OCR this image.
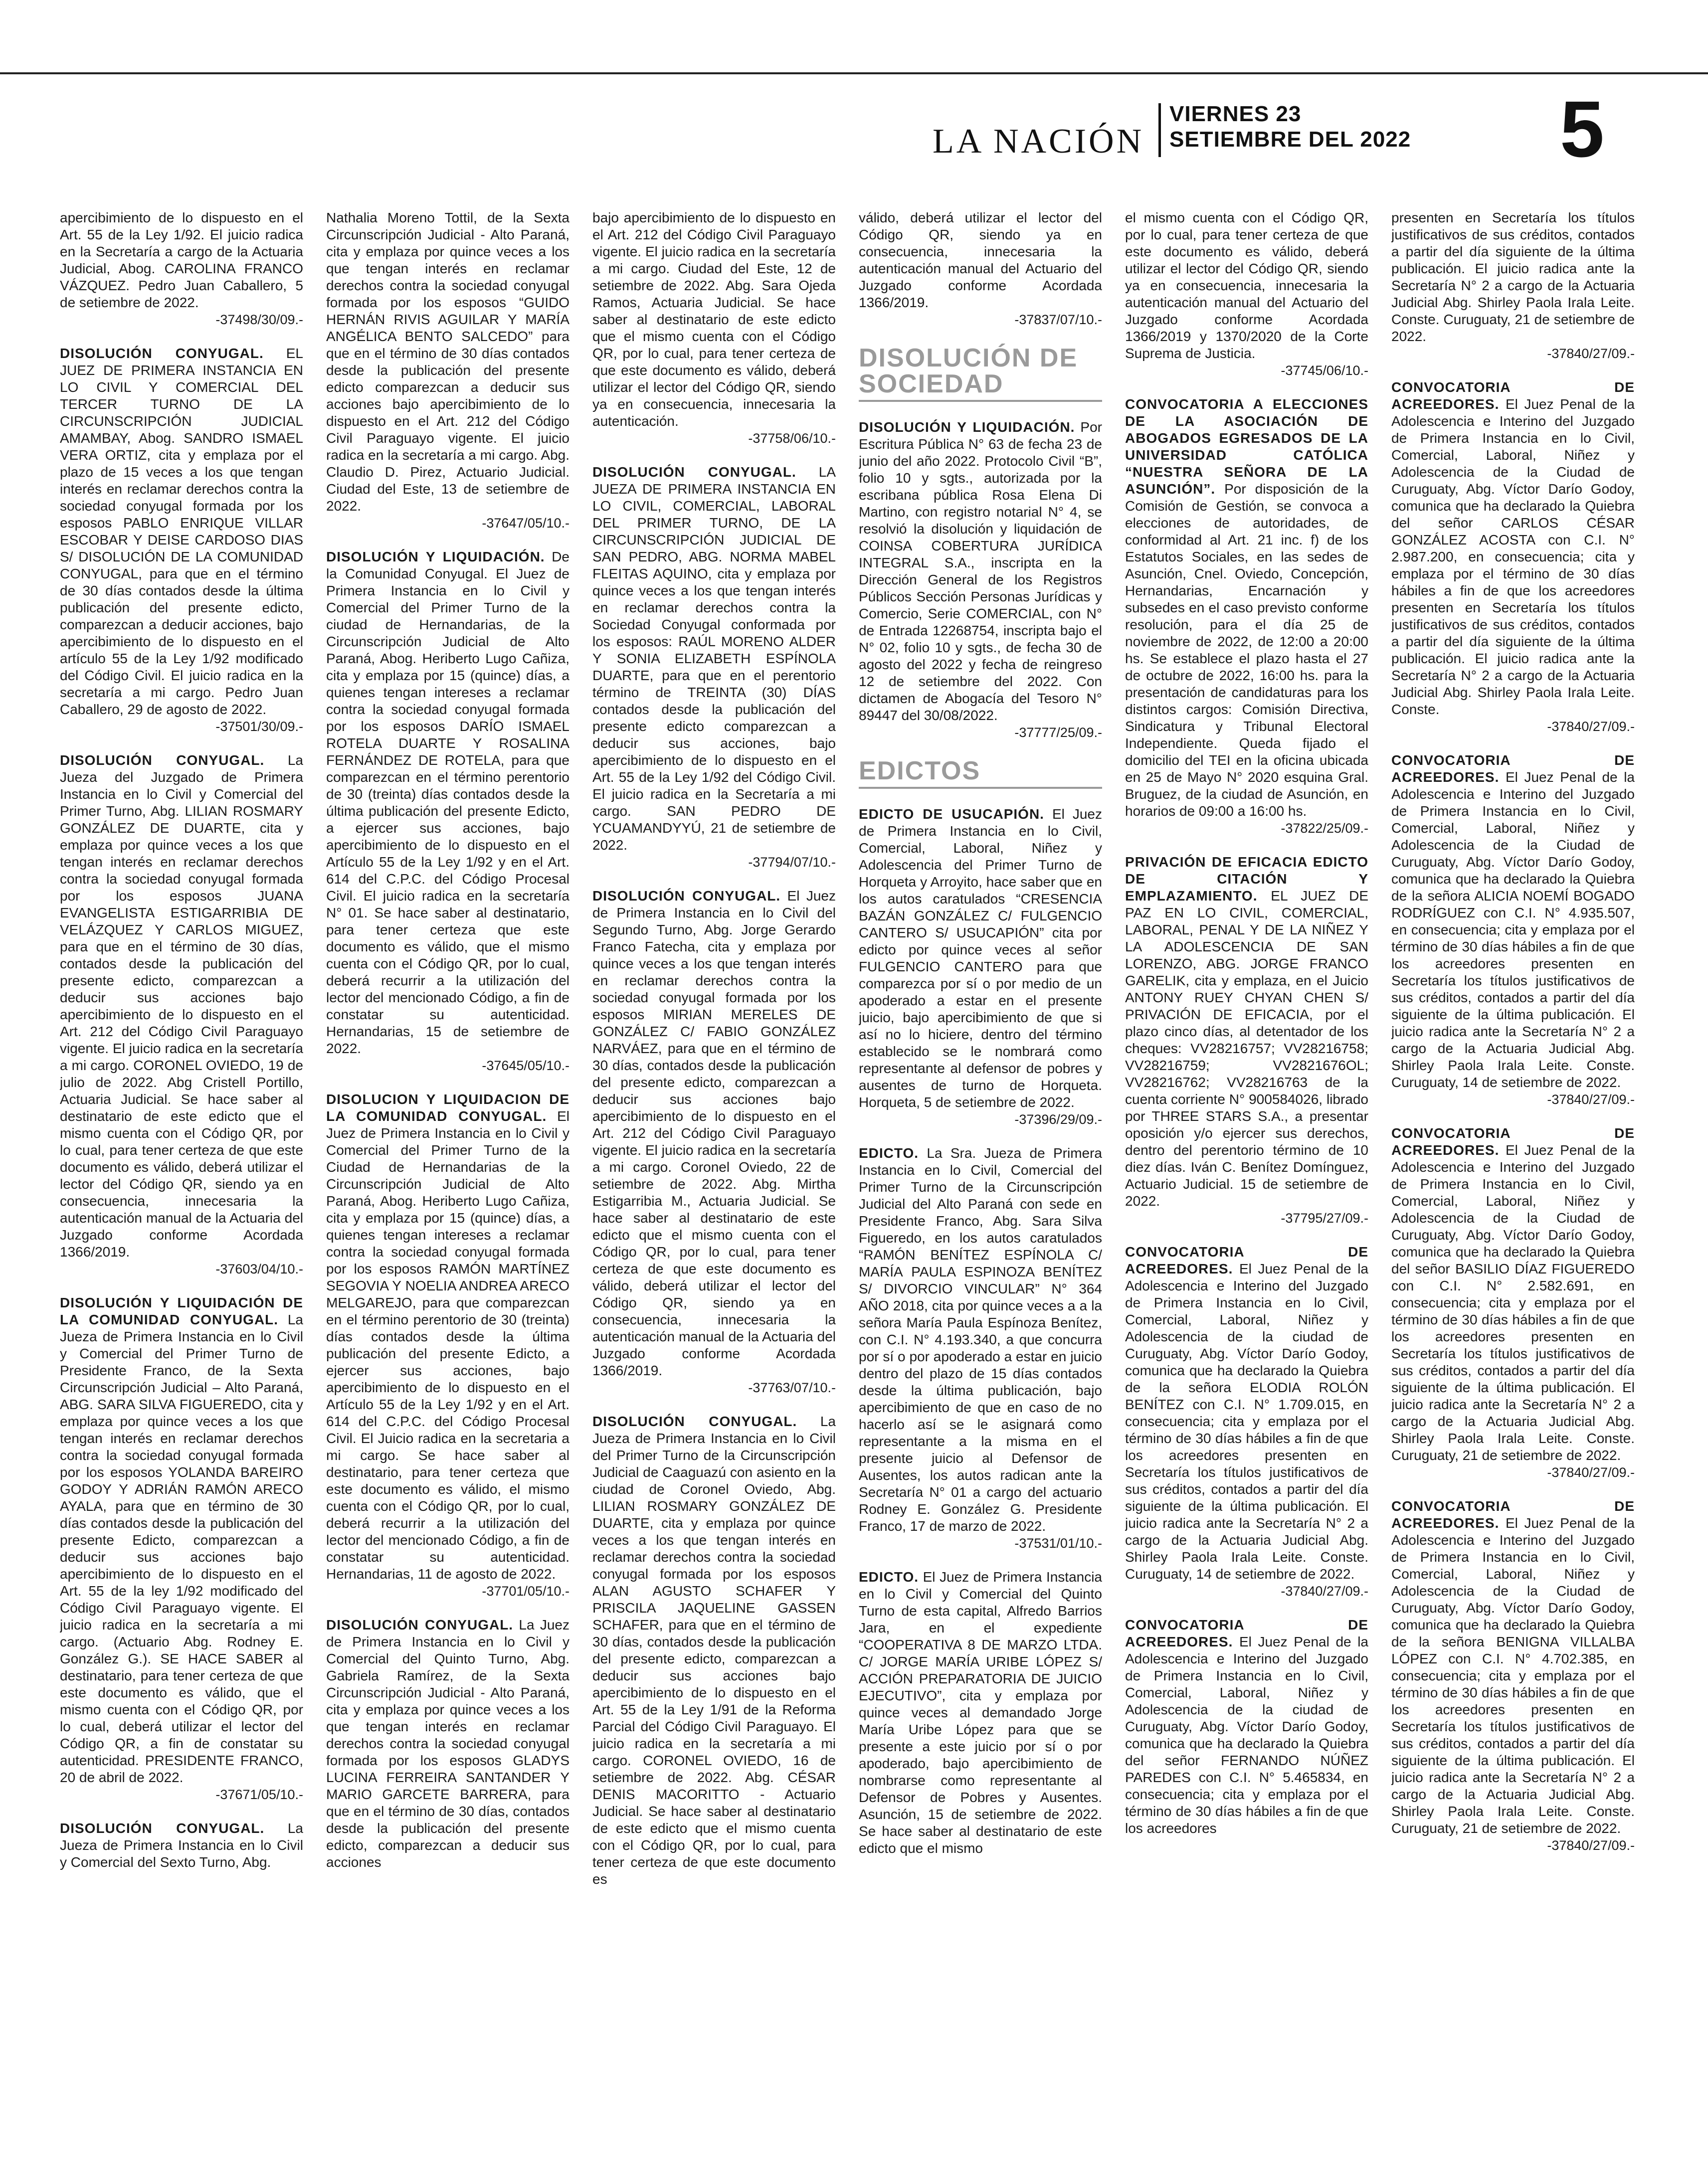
LA NACIÓN
VIERNES 23
SETIEMBRE DEL 2022 5
apercibimiento de lo dispuesto en el Art. 55 de la Ley 1/92. El juicio radica en la Secretaría a cargo de la Actuaria Judicial, Abog. CAROLINA FRANCO VÁZQUEZ. Pedro Juan Caballero, 5 de setiembre de 2022.
-37498/30/09.-
DISOLUCIÓN CONYUGAL. EL JUEZ DE PRIMERA INSTANCIA EN LO CIVIL Y COMERCIAL DEL TERCER TURNO DE LA CIRCUNSCRIPCIÓN JUDICIAL AMAMBAY, Abog. SANDRO ISMAEL VERA ORTIZ, cita y emplaza por el plazo de 15 veces a los que tengan interés en reclamar derechos contra la sociedad conyugal formada por los esposos PABLO ENRIQUE VILLAR ESCOBAR Y DEISE CARDOSO DIAS S/ DISOLUCIÓN DE LA COMUNIDAD CONYUGAL, para que en el término de 30 días contados desde la última publicación del presente edicto, comparezcan a deducir acciones, bajo apercibimiento de lo dispuesto en el artículo 55 de la Ley 1/92 modificado del Código Civil. El juicio radica en la secretaría a mi cargo. Pedro Juan Caballero, 29 de agosto de 2022.
-37501/30/09.-
DISOLUCIÓN CONYUGAL. La Jueza del Juzgado de Primera Instancia en lo Civil y Comercial del Primer Turno, Abg. LILIAN ROSMARY GONZÁLEZ DE DUARTE, cita y emplaza por quince veces a los que tengan interés en reclamar derechos contra la sociedad conyugal formada por los esposos JUANA EVANGELISTA ESTIGARRIBIA DE VELÁZQUEZ Y CARLOS MIGUEZ, para que en el término de 30 días, contados desde la publicación del presente edicto, comparezcan a deducir sus acciones bajo apercibimiento de lo dispuesto en el Art. 212 del Código Civil Paraguayo vigente. El juicio radica en la secretaría a mi cargo. CORONEL OVIEDO, 19 de julio de 2022. Abg Cristell Portillo, Actuaria Judicial. Se hace saber al destinatario de este edicto que el mismo cuenta con el Código QR, por lo cual, para tener certeza de que este documento es válido, deberá utilizar el lector del Código QR, siendo ya en consecuencia, innecesaria la autenticación manual de la Actuaria del Juzgado conforme Acordada 1366/2019.
-37603/04/10.-
DISOLUCIÓN Y LIQUIDACIÓN DE LA COMUNIDAD CONYUGAL. La Jueza de Primera Instancia en lo Civil y Comercial del Primer Turno de Presidente Franco, de la Sexta Circunscripción Judicial – Alto Paraná, ABG. SARA SILVA FIGUEREDO, cita y emplaza por quince veces a los que tengan interés en reclamar derechos contra la sociedad conyugal formada por los esposos YOLANDA BAREIRO GODOY Y ADRIÁN RAMÓN ARECO AYALA, para que en término de 30 días contados desde la publicación del presente Edicto, comparezcan a deducir sus acciones bajo apercibimiento de lo dispuesto en el Art. 55 de la ley 1/92 modificado del Código Civil Paraguayo vigente. El juicio radica en la secretaría a mi cargo. (Actuario Abg. Rodney E. González G.). SE HACE SABER al destinatario, para tener certeza de que este documento es válido, que el mismo cuenta con el Código QR, por lo cual, deberá utilizar el lector del Código QR, a fin de constatar su autenticidad. PRESIDENTE FRANCO, 20 de abril de 2022.
-37671/05/10.-
DISOLUCIÓN CONYUGAL. La Jueza de Primera Instancia en lo Civil y Comercial del Sexto Turno, Abg.
Nathalia Moreno Tottil, de la Sexta Circunscripción Judicial - Alto Paraná, cita y emplaza por quince veces a los que tengan interés en reclamar derechos contra la sociedad conyugal formada por los esposos “GUIDO HERNÁN RIVIS AGUILAR Y MARÍA ANGÉLICA BENTO SALCEDO” para que en el término de 30 días contados desde la publicación del presente edicto comparezcan a deducir sus acciones bajo apercibimiento de lo dispuesto en el Art. 212 del Código Civil Paraguayo vigente. El juicio radica en la secretaría a mi cargo. Abg. Claudio D. Pirez, Actuario Judicial. Ciudad del Este, 13 de setiembre de 2022.
-37647/05/10.-
DISOLUCIÓN Y LIQUIDACIÓN. De la Comunidad Conyugal. El Juez de Primera Instancia en lo Civil y Comercial del Primer Turno de la ciudad de Hernandarias, de la Circunscripción Judicial de Alto Paraná, Abog. Heriberto Lugo Cañiza, cita y emplaza por 15 (quince) días, a quienes tengan intereses a reclamar contra la sociedad conyugal formada por los esposos DARÍO ISMAEL ROTELA DUARTE Y ROSALINA FERNÁNDEZ DE ROTELA, para que comparezcan en el término perentorio de 30 (treinta) días contados desde la última publicación del presente Edicto, a ejercer sus acciones, bajo apercibimiento de lo dispuesto en el Artículo 55 de la Ley 1/92 y en el Art. 614 del C.P.C. del Código Procesal Civil. El juicio radica en la secretaría N° 01. Se hace saber al destinatario, para tener certeza que este documento es válido, que el mismo cuenta con el Código QR, por lo cual, deberá recurrir a la utilización del lector del mencionado Código, a fin de constatar su autenticidad. Hernandarias, 15 de setiembre de 2022.
-37645/05/10.-
DISOLUCION Y LIQUIDACION DE LA COMUNIDAD CONYUGAL. El Juez de Primera Instancia en lo Civil y Comercial del Primer Turno de la Ciudad de Hernandarias de la Circunscripción Judicial de Alto Paraná, Abog. Heriberto Lugo Cañiza, cita y emplaza por 15 (quince) días, a quienes tengan intereses a reclamar contra la sociedad conyugal formada por los esposos RAMÓN MARTÍNEZ SEGOVIA Y NOELIA ANDREA ARECO MELGAREJO, para que comparezcan en el término perentorio de 30 (treinta) días contados desde la última publicación del presente Edicto, a ejercer sus acciones, bajo apercibimiento de lo dispuesto en el Artículo 55 de la Ley 1/92 y en el Art. 614 del C.P.C. del Código Procesal Civil. El Juicio radica en la secretaria a mi cargo. Se hace saber al destinatario, para tener certeza que este documento es válido, el mismo cuenta con el Código QR, por lo cual, deberá recurrir a la utilización del lector del mencionado Código, a fin de constatar su autenticidad. Hernandarias, 11 de agosto de 2022.
-37701/05/10.-
DISOLUCIÓN CONYUGAL. La Juez de Primera Instancia en lo Civil y Comercial del Quinto Turno, Abg. Gabriela Ramírez, de la Sexta Circunscripción Judicial - Alto Paraná, cita y emplaza por quince veces a los que tengan interés en reclamar derechos contra la sociedad conyugal formada por los esposos GLADYS LUCINA FERREIRA SANTANDER Y MARIO GARCETE BARRERA, para que en el término de 30 días, contados desde la publicación del presente edicto, comparezcan a deducir sus acciones
bajo apercibimiento de lo dispuesto en el Art. 212 del Código Civil Paraguayo vigente. El juicio radica en la secretaría a mi cargo. Ciudad del Este, 12 de setiembre de 2022. Abg. Sara Ojeda Ramos, Actuaria Judicial. Se hace saber al destinatario de este edicto que el mismo cuenta con el Código QR, por lo cual, para tener certeza de que este documento es válido, deberá utilizar el lector del Código QR, siendo ya en consecuencia, innecesaria la autenticación.
-37758/06/10.-
DISOLUCIÓN CONYUGAL. LA JUEZA DE PRIMERA INSTANCIA EN LO CIVIL, COMERCIAL, LABORAL DEL PRIMER TURNO, DE LA CIRCUNSCRIPCIÓN JUDICIAL DE SAN PEDRO, ABG. NORMA MABEL FLEITAS AQUINO, cita y emplaza por quince veces a los que tengan interés en reclamar derechos contra la Sociedad Conyugal conformada por los esposos: RAÚL MORENO ALDER Y SONIA ELIZABETH ESPÍNOLA DUARTE, para que en el perentorio término de TREINTA (30) DÍAS contados desde la publicación del presente edicto comparezcan a deducir sus acciones, bajo apercibimiento de lo dispuesto en el Art. 55 de la Ley 1/92 del Código Civil. El juicio radica en la Secretaría a mi cargo. SAN PEDRO DE YCUAMANDYYÚ, 21 de setiembre de 2022.
-37794/07/10.-
DISOLUCIÓN CONYUGAL. El Juez de Primera Instancia en lo Civil del Segundo Turno, Abg. Jorge Gerardo Franco Fatecha, cita y emplaza por quince veces a los que tengan interés en reclamar derechos contra la sociedad conyugal formada por los esposos MIRIAN MERELES DE GONZÁLEZ C/ FABIO GONZÁLEZ NARVÁEZ, para que en el término de 30 días, contados desde la publicación del presente edicto, comparezcan a deducir sus acciones bajo apercibimiento de lo dispuesto en el Art. 212 del Código Civil Paraguayo vigente. El juicio radica en la secretaría a mi cargo. Coronel Oviedo, 22 de setiembre de 2022. Abg. Mirtha Estigarribia M., Actuaria Judicial. Se hace saber al destinatario de este edicto que el mismo cuenta con el Código QR, por lo cual, para tener certeza de que este documento es válido, deberá utilizar el lector del Código QR, siendo ya en consecuencia, innecesaria la autenticación manual de la Actuaria del Juzgado conforme Acordada 1366/2019.
-37763/07/10.-
DISOLUCIÓN CONYUGAL. La Jueza de Primera Instancia en lo Civil del Primer Turno de la Circunscripción Judicial de Caaguazú con asiento en la ciudad de Coronel Oviedo, Abg. LILIAN ROSMARY GONZÁLEZ DE DUARTE, cita y emplaza por quince veces a los que tengan interés en reclamar derechos contra la sociedad conyugal formada por los esposos ALAN AGUSTO SCHAFER Y PRISCILA JAQUELINE GASSEN SCHAFER, para que en el término de 30 días, contados desde la publicación del presente edicto, comparezcan a deducir sus acciones bajo apercibimiento de lo dispuesto en el Art. 55 de la Ley 1/91 de la Reforma Parcial del Código Civil Paraguayo. El juicio radica en la secretaría a mi cargo. CORONEL OVIEDO, 16 de setiembre de 2022. Abg. CÉSAR DENIS MACORITTO - Actuario Judicial. Se hace saber al destinatario de este edicto que el mismo cuenta con el Código QR, por lo cual, para tener certeza de que este documento es
válido, deberá utilizar el lector del Código QR, siendo ya en consecuencia, innecesaria la autenticación manual del Actuario del Juzgado conforme Acordada 1366/2019.
-37837/07/10.-
DISOLUCIÓN DE SOCIEDAD
DISOLUCIÓN Y LIQUIDACIÓN. Por Escritura Pública N° 63 de fecha 23 de junio del año 2022. Protocolo Civil “B”, folio 10 y sgts., autorizada por la escribana pública Rosa Elena Di Martino, con registro notarial N° 4, se resolvió la disolución y liquidación de COINSA COBERTURA JURÍDICA INTEGRAL S.A., inscripta en la Dirección General de los Registros Públicos Sección Personas Jurídicas y Comercio, Serie COMERCIAL, con N° de Entrada 12268754, inscripta bajo el N° 02, folio 10 y sgts., de fecha 30 de agosto del 2022 y fecha de reingreso 12 de setiembre del 2022. Con dictamen de Abogacía del Tesoro N° 89447 del 30/08/2022.
-37777/25/09.-
EDICTOS
EDICTO DE USUCAPIÓN. El Juez de Primera Instancia en lo Civil, Comercial, Laboral, Niñez y Adolescencia del Primer Turno de Horqueta y Arroyito, hace saber que en los autos caratulados “CRESENCIA BAZÁN GONZÁLEZ C/ FULGENCIO CANTERO S/ USUCAPIÓN” cita por edicto por quince veces al señor FULGENCIO CANTERO para que comparezca por sí o por medio de un apoderado a estar en el presente juicio, bajo apercibimiento de que si así no lo hiciere, dentro del término establecido se le nombrará como representante al defensor de pobres y ausentes de turno de Horqueta. Horqueta, 5 de setiembre de 2022.
-37396/29/09.-
EDICTO. La Sra. Jueza de Primera Instancia en lo Civil, Comercial del Primer Turno de la Circunscripción Judicial del Alto Paraná con sede en Presidente Franco, Abg. Sara Silva Figueredo, en los autos caratulados “RAMÓN BENÍTEZ ESPÍNOLA C/ MARÍA PAULA ESPINOZA BENÍTEZ S/ DIVORCIO VINCULAR” N° 364 AÑO 2018, cita por quince veces a a la señora María Paula Espínoza Benítez, con C.I. N° 4.193.340, a que concurra por sí o por apoderado a estar en juicio dentro del plazo de 15 días contados desde la última publicación, bajo apercibimiento de que en caso de no hacerlo así se le asignará como representante a la misma en el presente juicio al Defensor de Ausentes, los autos radican ante la Secretaría N° 01 a cargo del actuario Rodney E. González G. Presidente Franco, 17 de marzo de 2022.
-37531/01/10.-
EDICTO. El Juez de Primera Instancia en lo Civil y Comercial del Quinto Turno de esta capital, Alfredo Barrios Jara, en el expediente “COOPERATIVA 8 DE MARZO LTDA. C/ JORGE MARÍA URIBE LÓPEZ S/ ACCIÓN PREPARATORIA DE JUICIO EJECUTIVO”, cita y emplaza por quince veces al demandado Jorge María Uribe López para que se presente a este juicio por sí o por apoderado, bajo apercibimiento de nombrarse como representante al Defensor de Pobres y Ausentes. Asunción, 15 de setiembre de 2022. Se hace saber al destinatario de este edicto que el mismo
el mismo cuenta con el Código QR, por lo cual, para tener certeza de que este documento es válido, deberá utilizar el lector del Código QR, siendo ya en consecuencia, innecesaria la autenticación manual del Actuario del Juzgado conforme Acordada 1366/2019 y 1370/2020 de la Corte Suprema de Justicia.
-37745/06/10.-
CONVOCATORIA A ELECCIONES DE LA ASOCIACIÓN DE ABOGADOS EGRESADOS DE LA UNIVERSIDAD CATÓLICA “NUESTRA SEÑORA DE LA ASUNCIÓN”. Por disposición de la Comisión de Gestión, se convoca a elecciones de autoridades, de conformidad al Art. 21 inc. f) de los Estatutos Sociales, en las sedes de Asunción, Cnel. Oviedo, Concepción, Hernandarias, Encarnación y subsedes en el caso previsto conforme resolución, para el día 25 de noviembre de 2022, de 12:00 a 20:00 hs. Se establece el plazo hasta el 27 de octubre de 2022, 16:00 hs. para la presentación de candidaturas para los distintos cargos: Comisión Directiva, Sindicatura y Tribunal Electoral Independiente. Queda fijado el domicilio del TEI en la oficina ubicada en 25 de Mayo N° 2020 esquina Gral. Bruguez, de la ciudad de Asunción, en horarios de 09:00 a 16:00 hs.
-37822/25/09.-
PRIVACIÓN DE EFICACIA EDICTO DE CITACIÓN Y EMPLAZAMIENTO. EL JUEZ DE PAZ EN LO CIVIL, COMERCIAL, LABORAL, PENAL Y DE LA NIÑEZ Y LA ADOLESCENCIA DE SAN LORENZO, ABG. JORGE FRANCO GARELIK, cita y emplaza, en el Juicio ANTONY RUEY CHYAN CHEN S/ PRIVACIÓN DE EFICACIA, por el plazo cinco días, al detentador de los cheques: VV28216757; VV28216758; VV28216759; VV2821676OL; VV28216762; VV28216763 de la cuenta corriente N° 900584026, librado por THREE STARS S.A., a presentar oposición y/o ejercer sus derechos, dentro del perentorio término de 10 diez días. Iván C. Benítez Domínguez, Actuario Judicial. 15 de setiembre de 2022.
-37795/27/09.-
CONVOCATORIA DE ACREEDORES. El Juez Penal de la Adolescencia e Interino del Juzgado de Primera Instancia en lo Civil, Comercial, Laboral, Niñez y Adolescencia de la ciudad de Curuguaty, Abg. Víctor Darío Godoy, comunica que ha declarado la Quiebra de la señora ELODIA ROLÓN BENÍTEZ con C.I. N° 1.709.015, en consecuencia; cita y emplaza por el término de 30 días hábiles a fin de que los acreedores presenten en Secretaría los títulos justificativos de sus créditos, contados a partir del día siguiente de la última publicación. El juicio radica ante la Secretaría N° 2 a cargo de la Actuaria Judicial Abg. Shirley Paola Irala Leite. Conste. Curuguaty, 14 de setiembre de 2022.
-37840/27/09.-
CONVOCATORIA DE ACREEDORES. El Juez Penal de la Adolescencia e Interino del Juzgado de Primera Instancia en lo Civil, Comercial, Laboral, Niñez y Adolescencia de la ciudad de Curuguaty, Abg. Víctor Darío Godoy, comunica que ha declarado la Quiebra del señor FERNANDO NÚÑEZ PAREDES con C.I. N° 5.465834, en consecuencia; cita y emplaza por el término de 30 días hábiles a fin de que los acreedores
presenten en Secretaría los títulos justificativos de sus créditos, contados a partir del día siguiente de la última publicación. El juicio radica ante la Secretaría N° 2 a cargo de la Actuaria Judicial Abg. Shirley Paola Irala Leite. Conste. Curuguaty, 21 de setiembre de 2022.
-37840/27/09.-
CONVOCATORIA DE ACREEDORES. El Juez Penal de la Adolescencia e Interino del Juzgado de Primera Instancia en lo Civil, Comercial, Laboral, Niñez y Adolescencia de la Ciudad de Curuguaty, Abg. Víctor Darío Godoy, comunica que ha declarado la Quiebra del señor CARLOS CÉSAR GONZÁLEZ ACOSTA con C.I. N° 2.987.200, en consecuencia; cita y emplaza por el término de 30 días hábiles a fin de que los acreedores presenten en Secretaría los títulos justificativos de sus créditos, contados a partir del día siguiente de la última publicación. El juicio radica ante la Secretaría N° 2 a cargo de la Actuaria Judicial Abg. Shirley Paola Irala Leite. Conste.
-37840/27/09.-
CONVOCATORIA DE ACREEDORES. El Juez Penal de la Adolescencia e Interino del Juzgado de Primera Instancia en lo Civil, Comercial, Laboral, Niñez y Adolescencia de la Ciudad de Curuguaty, Abg. Víctor Darío Godoy, comunica que ha declarado la Quiebra de la señora ALICIA NOEMÍ BOGADO RODRÍGUEZ con C.I. N° 4.935.507, en consecuencia; cita y emplaza por el término de 30 días hábiles a fin de que los acreedores presenten en Secretaría los títulos justificativos de sus créditos, contados a partir del día siguiente de la última publicación. El juicio radica ante la Secretaría N° 2 a cargo de la Actuaria Judicial Abg. Shirley Paola Irala Leite. Conste. Curuguaty, 14 de setiembre de 2022.
-37840/27/09.-
CONVOCATORIA DE ACREEDORES. El Juez Penal de la Adolescencia e Interino del Juzgado de Primera Instancia en lo Civil, Comercial, Laboral, Niñez y Adolescencia de la Ciudad de Curuguaty, Abg. Víctor Darío Godoy, comunica que ha declarado la Quiebra del señor BASILIO DÍAZ FIGUEREDO con C.I. N° 2.582.691, en consecuencia; cita y emplaza por el término de 30 días hábiles a fin de que los acreedores presenten en Secretaría los títulos justificativos de sus créditos, contados a partir del día siguiente de la última publicación. El juicio radica ante la Secretaría N° 2 a cargo de la Actuaria Judicial Abg. Shirley Paola Irala Leite. Conste. Curuguaty, 21 de setiembre de 2022.
-37840/27/09.-
CONVOCATORIA DE ACREEDORES. El Juez Penal de la Adolescencia e Interino del Juzgado de Primera Instancia en lo Civil, Comercial, Laboral, Niñez y Adolescencia de la Ciudad de Curuguaty, Abg. Víctor Darío Godoy, comunica que ha declarado la Quiebra de la señora BENIGNA VILLALBA LÓPEZ con C.I. N° 4.702.385, en consecuencia; cita y emplaza por el término de 30 días hábiles a fin de que los acreedores presenten en Secretaría los títulos justificativos de sus créditos, contados a partir del día siguiente de la última publicación. El juicio radica ante la Secretaría N° 2 a cargo de la Actuaria Judicial Abg. Shirley Paola Irala Leite. Conste. Curuguaty, 21 de setiembre de 2022.
-37840/27/09.-
